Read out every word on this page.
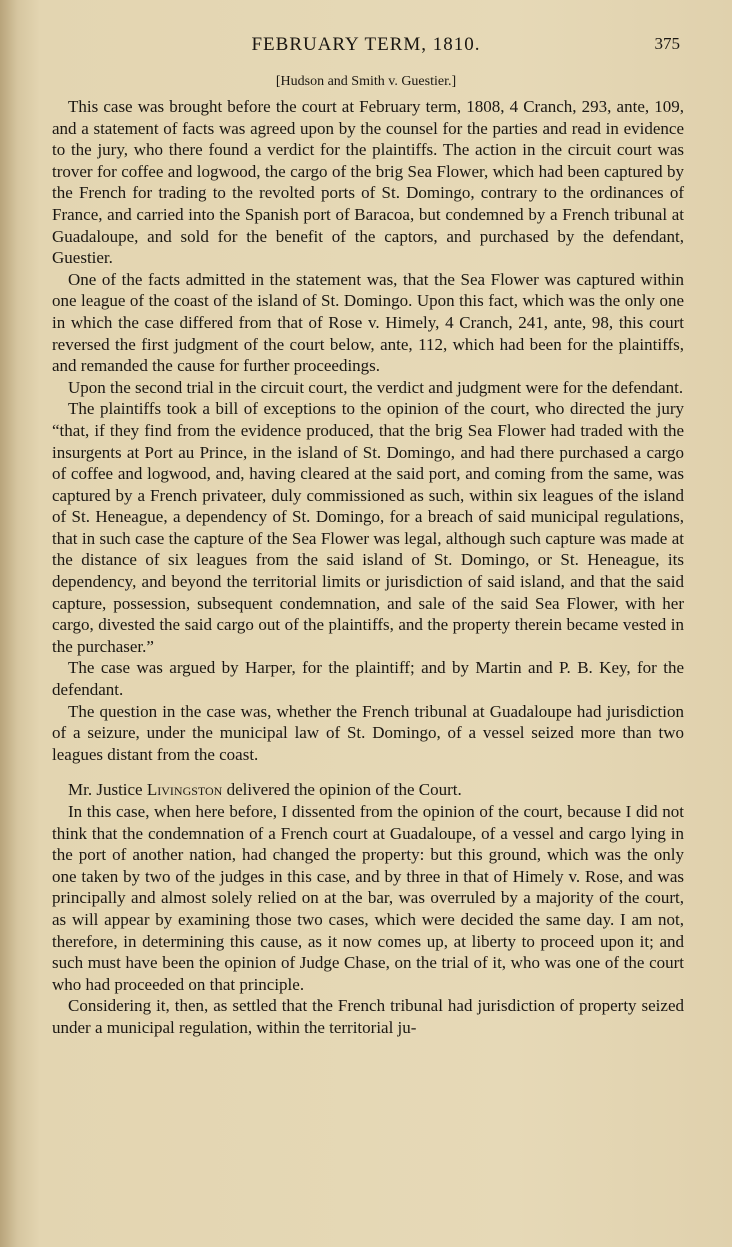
FEBRUARY TERM, 1810.	375
[Hudson and Smith v. Guestier.]

This case was brought before the court at February term, 1808, 4 Cranch, 293, ante, 109, and a statement of facts was agreed upon by the counsel for the parties and read in evidence to the jury, who there found a verdict for the plaintiffs. The action in the circuit court was trover for coffee and logwood, the cargo of the brig Sea Flower, which had been captured by the French for trading to the revolted ports of St. Domingo, contrary to the ordinances of France, and carried into the Spanish port of Baracoa, but condemned by a French tribunal at Guadaloupe, and sold for the benefit of the captors, and purchased by the defendant, Guestier.

One of the facts admitted in the statement was, that the Sea Flower was captured within one league of the coast of the island of St. Domingo. Upon this fact, which was the only one in which the case differed from that of Rose v. Himely, 4 Cranch, 241, ante, 98, this court reversed the first judgment of the court below, ante, 112, which had been for the plaintiffs, and remanded the cause for further proceedings.

Upon the second trial in the circuit court, the verdict and judgment were for the defendant.

The plaintiffs took a bill of exceptions to the opinion of the court, who directed the jury “that, if they find from the evidence produced, that the brig Sea Flower had traded with the insurgents at Port au Prince, in the island of St. Domingo, and had there purchased a cargo of coffee and logwood, and, having cleared at the said port, and coming from the same, was captured by a French privateer, duly commissioned as such, within six leagues of the island of St. Heneague, a dependency of St. Domingo, for a breach of said municipal regulations, that in such case the capture of the Sea Flower was legal, although such capture was made at the distance of six leagues from the said island of St. Domingo, or St. Heneague, its dependency, and beyond the territorial limits or jurisdiction of said island, and that the said capture, possession, subsequent condemnation, and sale of the said Sea Flower, with her cargo, divested the said cargo out of the plaintiffs, and the property therein became vested in the purchaser.”

The case was argued by Harper, for the plaintiff; and by Martin and P. B. Key, for the defendant.

The question in the case was, whether the French tribunal at Guadaloupe had jurisdiction of a seizure, under the municipal law of St. Domingo, of a vessel seized more than two leagues distant from the coast.

Mr. Justice Livingston delivered the opinion of the Court.

In this case, when here before, I dissented from the opinion of the court, because I did not think that the condemnation of a French court at Guadaloupe, of a vessel and cargo lying in the port of another nation, had changed the property: but this ground, which was the only one taken by two of the judges in this case, and by three in that of Himely v. Rose, and was principally and almost solely relied on at the bar, was overruled by a majority of the court, as will appear by examining those two cases, which were decided the same day. I am not, therefore, in determining this cause, as it now comes up, at liberty to proceed upon it; and such must have been the opinion of Judge Chase, on the trial of it, who was one of the court who had proceeded on that principle.

Considering it, then, as settled that the French tribunal had jurisdiction of property seized under a municipal regulation, within the territorial ju-
